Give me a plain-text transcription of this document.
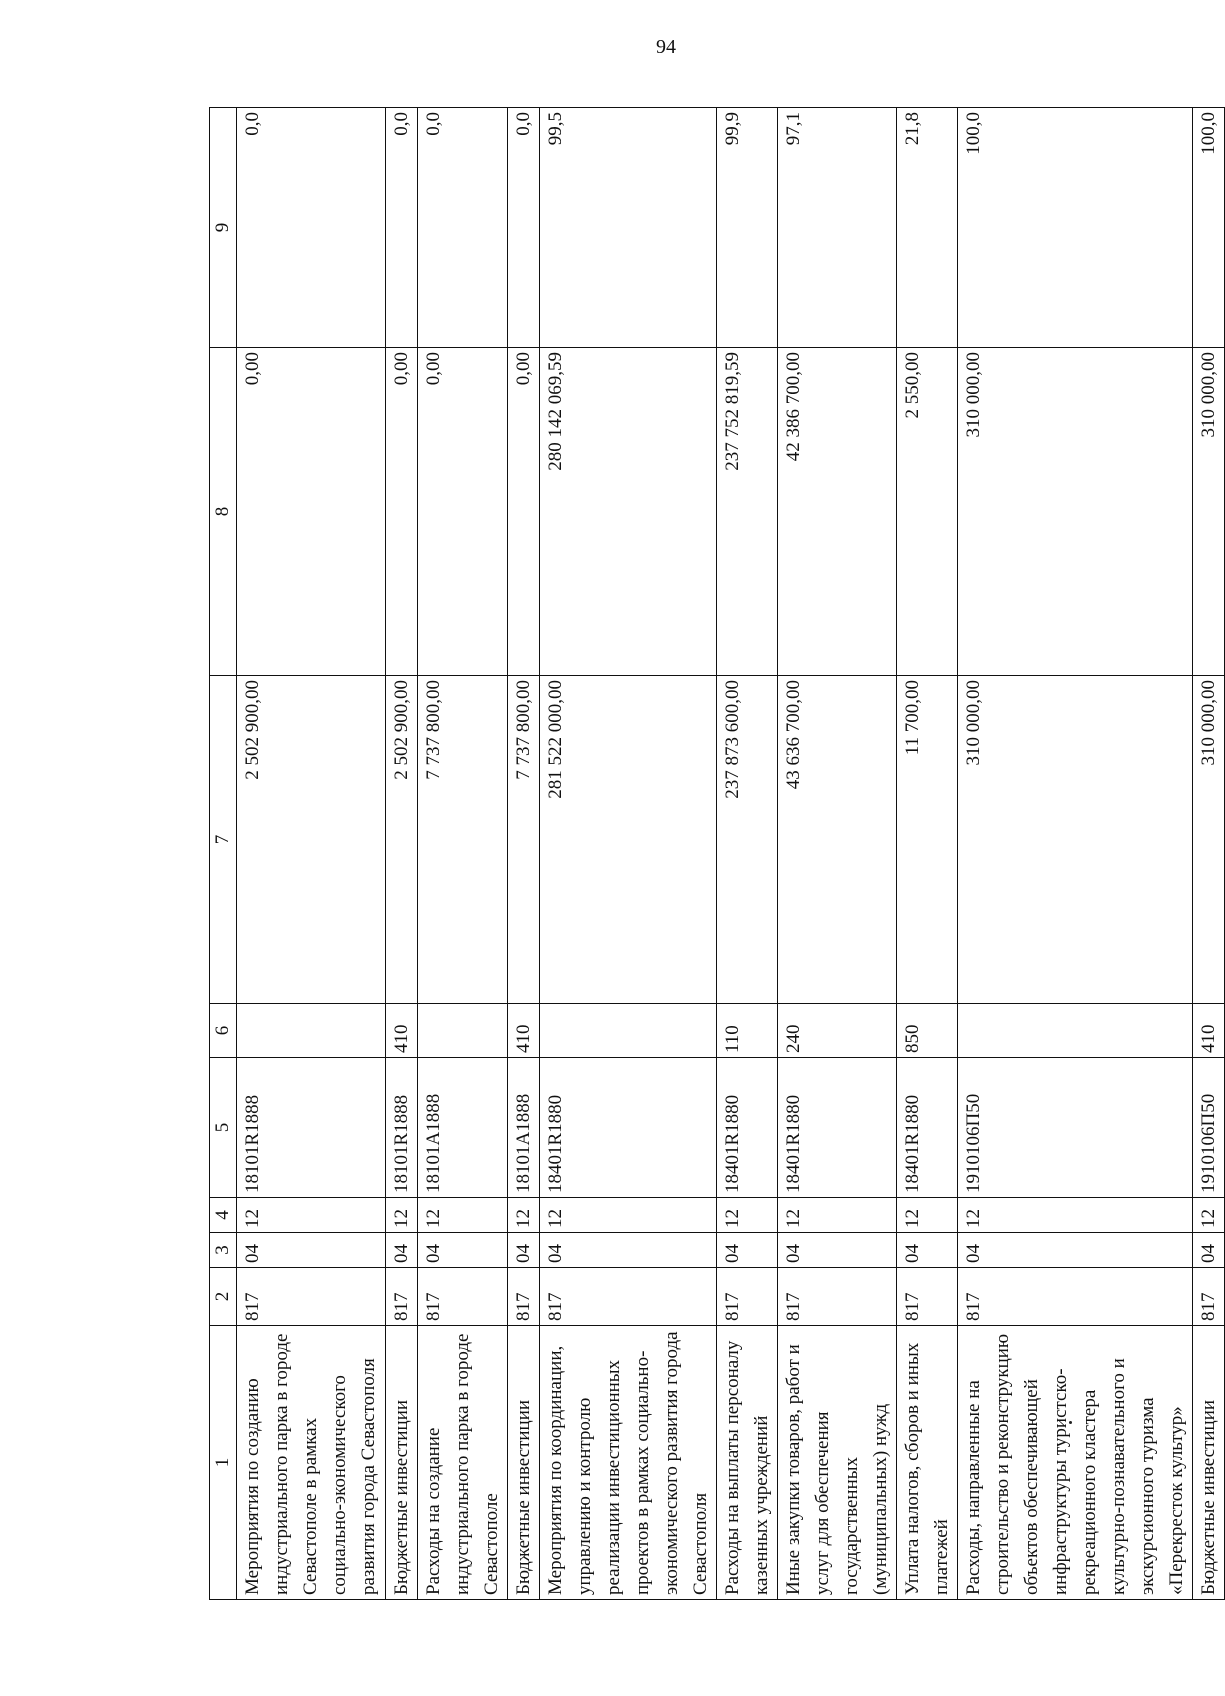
94
1	2	3	4	5	6	7	8	9
Мероприятия по созданию индустриального парка в городе Севастополе в рамках социально-экономического развития города Севастополя	817	04	12	18101R1888		2 502 900,00	0,00	0,0
Бюджетные инвестиции	817	04	12	18101R1888	410	2 502 900,00	0,00	0,0
Расходы на создание индустриального парка в городе Севастополе	817	04	12	18101A1888		7 737 800,00	0,00	0,0
Бюджетные инвестиции	817	04	12	18101A1888	410	7 737 800,00	0,00	0,0
Мероприятия по координации, управлению и контролю реализации инвестиционных проектов в рамках социально-экономического развития города Севастополя	817	04	12	18401R1880		281 522 000,00	280 142 069,59	99,5
Расходы на выплаты персоналу казенных учреждений	817	04	12	18401R1880	110	237 873 600,00	237 752 819,59	99,9
Иные закупки товаров, работ и услуг для обеспечения государственных (муниципальных) нужд	817	04	12	18401R1880	240	43 636 700,00	42 386 700,00	97,1
Уплата налогов, сборов и иных платежей	817	04	12	18401R1880	850	11 700,00	2 550,00	21,8
Расходы, направленные на строительство и реконструкцию объектов обеспечивающей инфраструктуры туристско-рекреационного кластера культурно-познавательного и экскурсионного туризма «Перекресток культур»	817	04	12	1910106П50		310 000,00	310 000,00	100,0
Бюджетные инвестиции	817	04	12	1910106П50	410	310 000,00	310 000,00	100,0
